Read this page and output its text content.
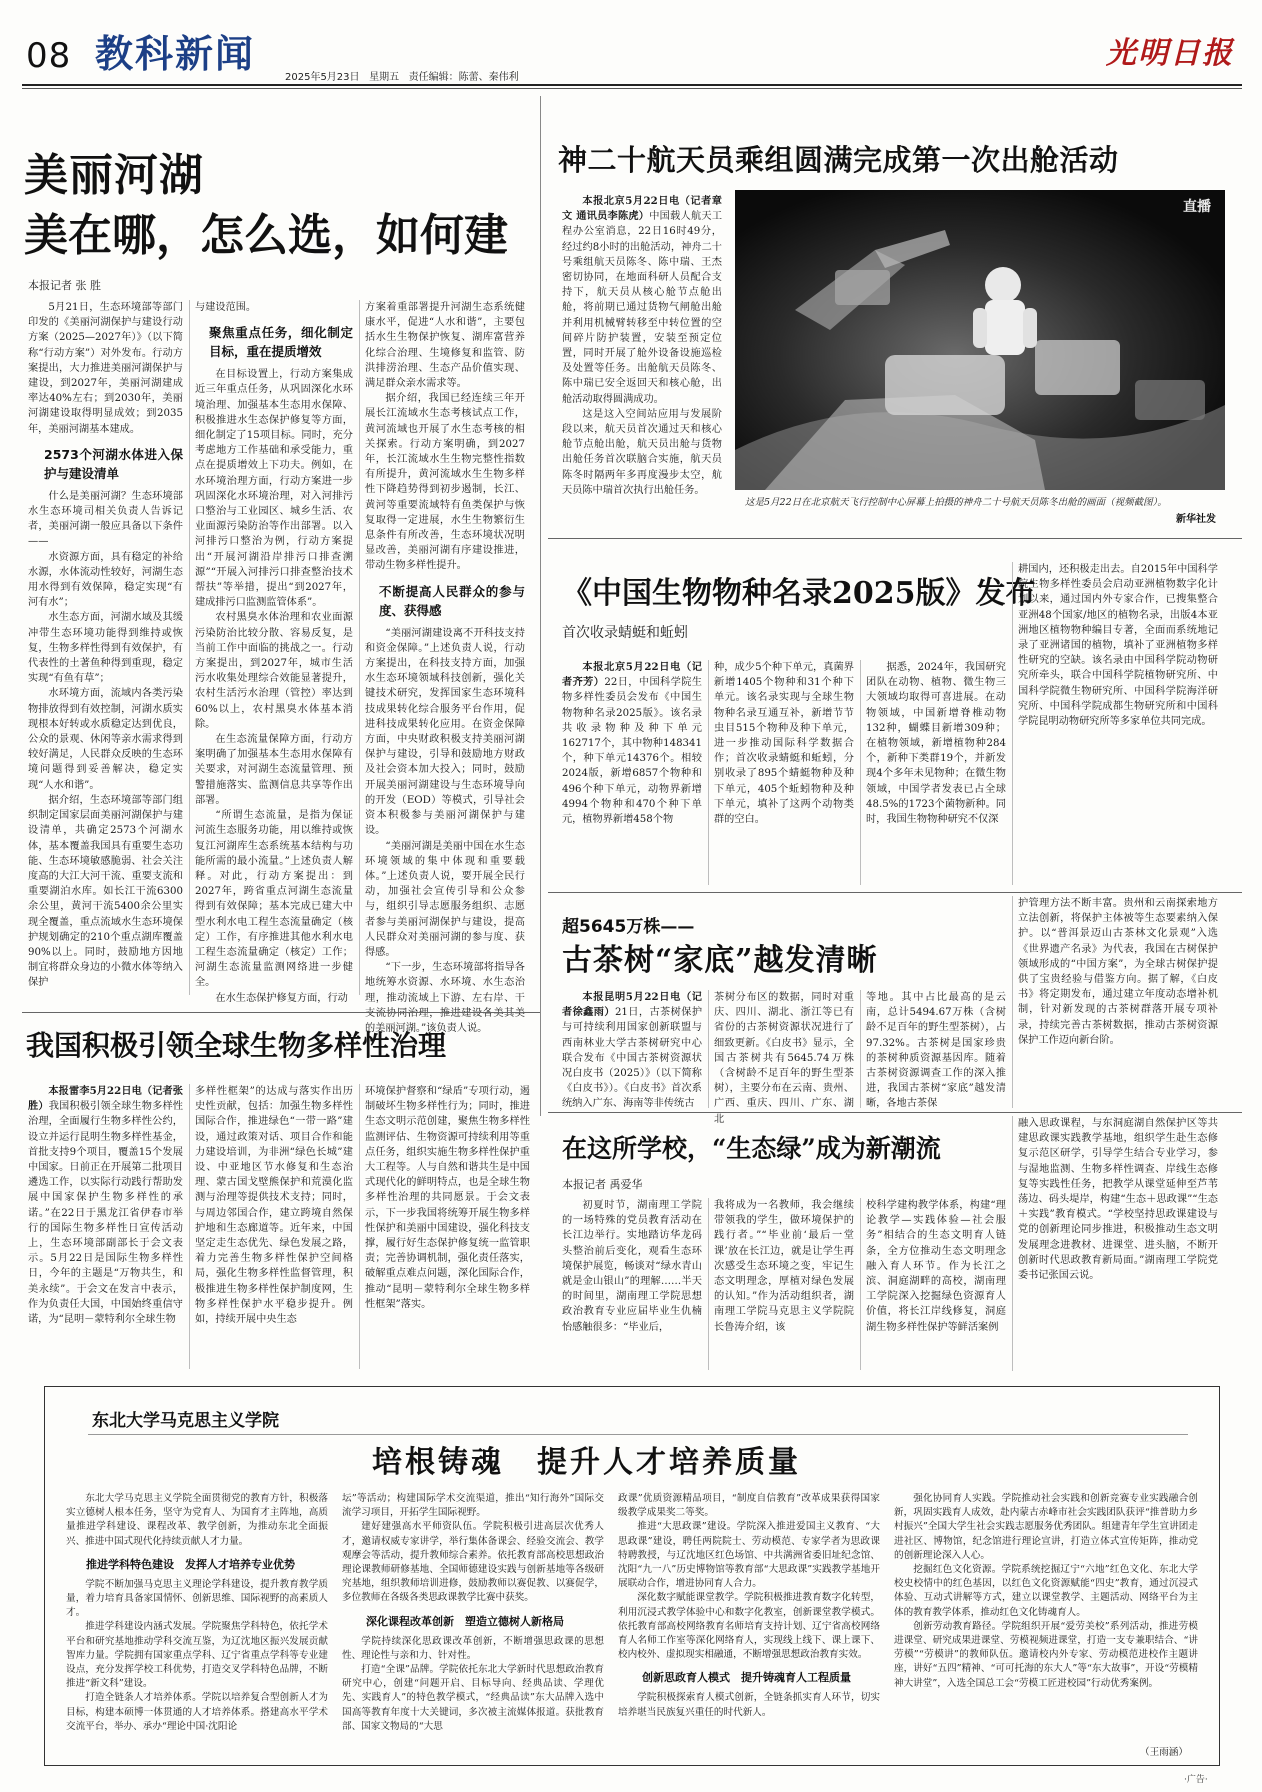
08 教科新闻
2025年5月23日 星期五 责任编辑：陈蕾、秦伟利
光明日报
美丽河湖
美在哪，怎么选，如何建
本报记者 张 胜

5月21日，生态环境部等部门印发的《美丽河湖保护与建设行动方案（2025—2027年）》（以下简称“行动方案”）对外发布。行动方案提出，大力推进美丽河湖保护与建设，到2027年，美丽河湖建成率达40%左右；到2030年，美丽河湖建设取得明显成效；到2035年，美丽河湖基本建成。

2573个河湖水体进入保护与建设清单

什么是美丽河湖？生态环境部水生态环境司相关负责人告诉记者，美丽河湖一般应具备以下条件——

水资源方面，具有稳定的补给水源，水体流动性较好，河湖生态用水得到有效保障，稳定实现“有河有水”；

水生态方面，河湖水域及其缓冲带生态环境功能得到维持或恢复，生物多样性得到有效保护，有代表性的土著鱼种得到重现，稳定实现“有鱼有草”；

水环境方面，流域内各类污染物排放得到有效控制，河湖水质实现根本好转或水质稳定达到优良，公众的景观、休闲等亲水需求得到较好满足，人民群众反映的生态环境问题得到妥善解决，稳定实现“人水和谐”。

据介绍，生态环境部等部门组织制定国家层面美丽河湖保护与建设清单，共确定2573个河湖水体，基本覆盖我国具有重要生态功能、生态环境敏感脆弱、社会关注度高的大江大河干流、重要支流和重要湖泊水库。如长江干流6300余公里，黄河干流5400余公里实现全覆盖，重点流域水生态环境保护规划确定的210个重点湖库覆盖90%以上。同时，鼓励地方因地制宜将群众身边的小微水体等纳入保护

与建设范围。

聚焦重点任务，细化制定目标，重在提质增效

在目标设置上，行动方案集成近三年重点任务，从巩固深化水环境治理、加强基本生态用水保障、积极推进水生态保护修复等方面，细化制定了15项目标。同时，充分考虑地方工作基础和承受能力，重点在提质增效上下功夫。例如，在水环境治理方面，行动方案进一步巩固深化水环境治理，对入河排污口整治与工业园区、城乡生活、农业面源污染防治等作出部署。以入河排污口整治为例，行动方案提出“开展河湖沿岸排污口排查溯源”“开展入河排污口排查整治技术帮扶”等举措，提出“到2027年，建成排污口监测监管体系”。

农村黑臭水体治理和农业面源污染防治比较分散、容易反复，是当前工作中面临的挑战之一。行动方案提出，到2027年，城市生活污水收集处理综合效能显著提升，农村生活污水治理（管控）率达到60%以上，农村黑臭水体基本消除。

在生态流量保障方面，行动方案明确了加强基本生态用水保障有关要求，对河湖生态流量管理、预警措施落实、监测信息共享等作出部署。

“所谓生态流量，是指为保证河流生态服务功能，用以维持或恢复江河湖库生态系统基本结构与功能所需的最小流量。”上述负责人解释。对此，行动方案提出：到2027年，跨省重点河湖生态流量得到有效保障；基本完成已建大中型水利水电工程生态流量确定（核定）工作，有序推进其他水利水电工程生态流量确定（核定）工作；河湖生态流量监测网络进一步健全。

在水生态保护修复方面，行动

方案着重部署提升河湖生态系统健康水平，促进“人水和谐”，主要包括水生生物保护恢复、湖库富营养化综合治理、生境修复和监管、防洪排涝治理、生态产品价值实现、满足群众亲水需求等。

据介绍，我国已经连续三年开展长江流域水生态考核试点工作，黄河流域也开展了水生态考核的相关探索。行动方案明确，到2027年，长江流域水生生物完整性指数有所提升，黄河流域水生生物多样性下降趋势得到初步遏制，长江、黄河等重要流域特有鱼类保护与恢复取得一定进展，水生生物繁衍生息条件有所改善，生态环境状况明显改善，美丽河湖有序建设推进，带动生物多样性提升。

不断提高人民群众的参与度、获得感

“美丽河湖建设离不开科技支持和资金保障。”上述负责人说，行动方案提出，在科技支持方面，加强水生态环境领域科技创新，强化关键技术研究，发挥国家生态环境科技成果转化综合服务平台作用，促进科技成果转化应用。在资金保障方面，中央财政积极支持美丽河湖保护与建设，引导和鼓励地方财政及社会资本加大投入；同时，鼓励开展美丽河湖建设与生态环境导向的开发（EOD）等模式，引导社会资本积极参与美丽河湖保护与建设。

“美丽河湖是美丽中国在水生态环境领域的集中体现和重要载体。”上述负责人说，要开展全民行动，加强社会宣传引导和公众参与，组织引导志愿服务组织、志愿者参与美丽河湖保护与建设，提高人民群众对美丽河湖的参与度、获得感。

“下一步，生态环境部将指导各地统筹水资源、水环境、水生态治理，推动流域上下游、左右岸、干支流协同治理，推进建设各美其美的美丽河湖。”该负责人说。

神二十航天员乘组圆满完成第一次出舱活动

本报北京5月22日电（记者章文 通讯员李陈虎）中国载人航天工程办公室消息，22日16时49分，经过约8小时的出舱活动，神舟二十号乘组航天员陈冬、陈中瑞、王杰密切协同，在地面科研人员配合支持下，航天员从核心舱节点舱出舱，将前期已通过货物气闸舱出舱并利用机械臂转移至中转位置的空间碎片防护装置，安装至预定位置，同时开展了舱外设备设施巡检及处置等任务。出舱航天员陈冬、陈中瑞已安全返回天和核心舱，出舱活动取得圆满成功。

这是这入空间站应用与发展阶段以来，航天员首次通过天和核心舱节点舱出舱，航天员出舱与货物出舱任务首次联脑合实施，航天员陈冬时隔两年多再度漫步太空，航天员陈中瑞首次执行出舱任务。

直播
这是5月22日在北京航天飞行控制中心屏幕上拍摄的神舟二十号航天员陈冬出舱的画面（视频截图）。
新华社发
《中国生物物种名录2025版》发布
首次收录蜻蜓和蚯蚓

本报北京5月22日电（记者齐芳）22日，中国科学院生物多样性委员会发布《中国生物物种名录2025版》。该名录共收录物种及种下单元162717个，其中物种148341个，种下单元14376个。相较2024版，新增6857个物种和496个种下单元，动物界新增4994个物种和470个种下单元，植物界新增458个物

种，成少5个种下单元，真菌界新增1405个物种和31个种下单元。该名录实现与全球生物物种名录互通互补，新增节节虫目515个物种及种下单元，进一步推动国际科学数据合作；首次收录蜻蜓和蚯蚓，分别收录了895个蜻蜓物种及种下单元，405个蚯蚓物种及种下单元，填补了这两个动物类群的空白。

据悉，2024年，我国研究团队在动物、植物、微生物三大领域均取得可喜进展。在动物领域，中国新增脊椎动物132种，蝴蝶目新增309种；在植物领域，新增植物种284个，新种下类群19个，并新发现4个多年未见物种；在微生物领域，中国学者发表已占全球48.5%的1723个菌物新种。同时，我国生物物种研究不仅深

耕国内，还积极走出去。自2015年中国科学院生物多样性委员会启动亚洲植物数字化计划以来，通过国内外专家合作，已搜集整合亚洲48个国家/地区的植物名录，出版4本亚洲地区植物物种编目专著，全面而系统地记录了亚洲诸国的植物，填补了亚洲植物多样性研究的空缺。该名录由中国科学院动物研究所牵头，联合中国科学院植物研究所、中国科学院微生物研究所、中国科学院海洋研究所、中国科学院成都生物研究所和中国科学院昆明动物研究所等多家单位共同完成。

超5645万株——
古茶树“家底”越发清晰

本报昆明5月22日电（记者徐鑫雨）21日，古茶树保护与可持续利用国家创新联盟与西南林业大学古茶树研究中心联合发布《中国古茶树资源状况白皮书（2025）》（以下简称《白皮书》）。《白皮书》首次系统纳入广东、海南等非传统古

茶树分布区的数据，同时对重庆、四川、湖北、浙江等已有省份的古茶树资源状况进行了细致更新。《白皮书》显示，全国古茶树共有5645.74万株（含树龄不足百年的野生型茶树），主要分布在云南、贵州、广西、重庆、四川、广东、湖北

等地。其中占比最高的是云南，总计5494.67万株（含树龄不足百年的野生型茶树），占97.32%。古茶树是国家珍贵的茶树种质资源基因库。随着古茶树资源调查工作的深入推进，我国古茶树“家底”越发清晰，各地古茶保

护管理方法不断丰富。贵州和云南探索地方立法创新，将保护主体被等生态要素纳入保护。以“普洱景迈山古茶林文化景观”入选《世界遗产名录》为代表，我国在古树保护领域形成的“中国方案”，为全球古树保护提供了宝贵经验与借鉴方向。据了解，《白皮书》将定期发布，通过建立年度动态增补机制，针对新发现的古茶树群落开展专项补录，持续完善古茶树数据，推动古茶树资源保护工作迈向新台阶。

我国积极引领全球生物多样性治理

本报雷李5月22日电（记者张胜）我国积极引领全球生物多样性治理，全面履行生物多样性公约，设立并运行昆明生物多样性基金，首批支持9个项目，覆盖15个发展中国家。日前正在开展第二批项目遴选工作，以实际行动践行帮助发展中国家保护生物多样性的承诺。”在22日于黑龙江省伊春市举行的国际生物多样性日宣传活动上，生态环境部副部长于会文表示。5月22日是国际生物多样性日，今年的主题是“万物共生，和美永续”。于会文在发言中表示，作为负责任大国，中国始终重信守诺，为“昆明－蒙特利尔全球生物

多样性框架”的达成与落实作出历史性贡献，包括：加强生物多样性国际合作，推进绿色“一带一路”建设，通过政策对话、项目合作和能力建设培训，为非洲“绿色长城”建设、中亚地区节水修复和生态治理、蒙古国戈壁熊保护和荒漠化监测与治理等提供技术支持；同时，与周边邻国合作，建立跨境自然保护地和生态廊道等。近年来，中国坚定走生态优先、绿色发展之路，着力完善生物多样性保护空间格局，强化生物多样性监督管理，积极推进生物多样性保护制度网，生物多样性保护水平稳步提升。例如，持续开展中央生态

环境保护督察和“绿盾”专项行动，遏制破坏生物多样性行为；同时，推进生态文明示范创建，聚焦生物多样性监测评估、生物资源可持续利用等重点任务，组织实施生物多样性保护重大工程等。人与自然和谐共生是中国式现代化的鲜明特点，也是全球生物多样性治理的共同愿景。于会文表示，下一步我国将统筹开展生物多样性保护和美丽中国建设，强化科技支撑，履行好生态保护修复统一监管职责；完善协调机制，强化责任落实，破解重点难点问题，深化国际合作，推动“昆明－蒙特利尔全球生物多样性框架”落实。

在这所学校，“生态绿”成为新潮流
本报记者 禹爱华

初夏时节，湖南理工学院的一场特殊的党员教育活动在长江边举行。实地踏访华龙码头整治前后变化，观看生态环境保护展览，畅谈对“绿水青山就是金山银山”的理解……半天的时间里，湖南理工学院思想政治教育专业应届毕业生仇楠怡感触很多：“毕业后，

我将成为一名教师，我会继续带领我的学生，做环境保护的践行者。”“毕业前‘最后一堂课’放在长江边，就是让学生再次感受生态环境之变，牢记生态文明理念，厚植对绿色发展的认知。”作为活动组织者，湖南理工学院马克思主义学院院长鲁涛介绍，该

校科学建构教学体系，构建“理论教学—实践体验—社会服务”相结合的生态文明育人链条，全方位推动生态文明理念融入育人环节。作为长江之滨、洞庭湖畔的高校，湖南理工学院深入挖掘绿色资源育人价值，将长江岸线修复，洞庭湖生物多样性保护等鲜活案例

融入思政课程，与东洞庭湖自然保护区等共建思政课实践教学基地，组织学生赴生态修复示范区研学，引导学生结合专业学习，参与湿地监测、生物多样性调查、岸线生态修复等实践性任务，把教学从课堂延伸至芦苇荡边、码头堤岸，构建“生态＋思政课”“生态＋实践”教育模式。“学校坚持思政课建设与党的创新理论同步推进，积极推动生态文明发展理念进教材、进课堂、进头脑，不断开创新时代思政教育新局面。”湖南理工学院党委书记张国云说。

东北大学马克思主义学院
培根铸魂　提升人才培养质量

东北大学马克思主义学院全面贯彻党的教育方针，积极落实立德树人根本任务，坚守为党育人、为国育才主阵地，高质量推进学科建设、课程改革、教学创新，为推动东北全面振兴、推进中国式现代化持续贡献人才力量。

推进学科特色建设　发挥人才培养专业优势

学院不断加强马克思主义理论学科建设，提升教育教学质量，着力培育具备家国情怀、创新思维、国际视野的高素质人才。

推进学科建设内涵式发展。学院聚焦学科特色，依托学术平台和研究基地推动学科交流互鉴，为辽沈地区振兴发展贡献智库力量。学院拥有国家重点学科、辽宁省重点学科等专业建设点，充分发挥学校工科优势，打造交叉学科特色品牌，不断推进“新文科”建设。

打造全链条人才培养体系。学院以培养复合型创新人才为目标，构建本硕博一体贯通的人才培养体系。搭建高水平学术交流平台，举办、承办“理论中国·沈阳论

坛”等活动；构建国际学术交流渠道，推出“知行海外”国际交流学习项目，开拓学生国际视野。

建好建强高水平师资队伍。学院积极引进高层次优秀人才，邀请权威专家讲学，举行集体备课会、经验交流会、教学观摩会等活动，提升教师综合素养。依托教育部高校思想政治理论课教师研修基地、全国师德建设实践与创新基地等各级研究基地，组织教师培训进修，鼓励教师以赛促教、以赛促学，多位教师在各级各类思政课教学比赛中获奖。

深化课程改革创新　塑造立德树人新格局

学院持续深化思政课改革创新，不断增强思政课的思想性、理论性与亲和力、针对性。

打造“全课”品牌。学院依托东北大学新时代思想政治教育研究中心，创建“问题开启、目标导向、经典品读、学理优先、实践育人”的特色教学模式，“经典品读”东大品牌入选中国高等教育年度十大关键词，多次被主流媒体报道。获批教育部、国家文物局的“大思

政课”优质资源精品项目，“制度自信教育”改革成果获得国家级教学成果奖二等奖。

推进“大思政课”建设。学院深入推进爱国主义教育、“大思政课”建设，聘任两院院士、劳动模范、专家学者为思政课特聘教授，与辽沈地区红色场馆、中共满洲省委旧址纪念馆、沈阳“九一八”历史博物馆等教育部“大思政课”实践教学基地开展联动合作，增进协同育人合力。

深化数字赋能课堂教学。学院积极推进教育数字化转型，利用沉浸式教学体验中心和数字化教室，创新课堂教学模式。依托教育部高校网络教育名师培育支持计划、辽宁省高校网络育人名师工作室等深化网络育人，实现线上线下、课上课下、校内校外、虚拟现实相融通，不断增强思想政治教育实效。

创新思政育人模式　提升铸魂育人工程质量

学院积极探索育人模式创新，全链条抓实育人环节，切实培养堪当民族复兴重任的时代新人。

强化协同育人实践。学院推动社会实践和创新竞赛专业实践融合创新，巩固实践育人成效，赴内蒙古赤峰市社会实践团队获评“推普助力乡村振兴”全国大学生社会实践志愿服务优秀团队。组建青年学生宣讲团走进社区、博物馆，纪念馆进行理论宣讲，打造立体式宣传矩阵，推动党的创新理论深入人心。

挖掘红色文化资源。学院系统挖掘辽宁“六地”红色文化、东北大学校史校情中的红色基因，以红色文化资源赋能“四史”教育，通过沉浸式体验、互动式讲解等方式，建立以课堂教学、主题活动、网络平台为主体的教育教学体系，推动红色文化铸魂育人。

创新劳动教育路径。学院组织开展“爱劳美校”系列活动，推进劳模进课堂、研究成果进课堂、劳模视频进课堂，打造一支专兼职结合、“讲劳模”“劳模讲”的教师队伍。邀请校内外专家、劳动模范进校作主题讲座，讲好“五四”精神、“可可托海的东大人”等“东大故事”，开设“劳模精神大讲堂”，入选全国总工会“劳模工匠进校园”行动优秀案例。

（王雨涵）
·广告·
